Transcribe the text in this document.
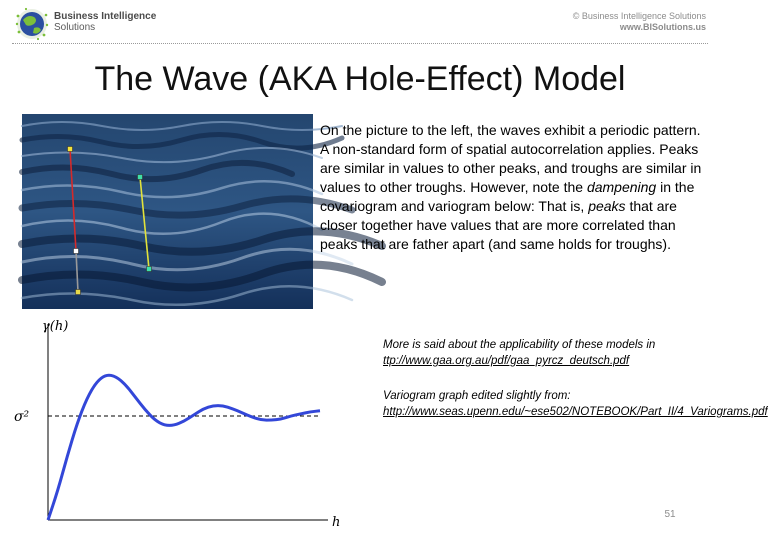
Business Intelligence
Solutions
© Business Intelligence Solutions
www.BISolutions.us
The Wave (AKA Hole-Effect) Model
On the picture to the left, the waves exhibit a periodic pattern. A non-standard form of spatial autocorrelation applies. Peaks are similar in values to other peaks, and troughs are similar in values to other troughs. However, note the dampening in the covariogram and variogram below: That is, peaks that are closer together have values that are more correlated than peaks that are father apart (and same holds for troughs).
More is said about the applicability of these models in ttp://www.gaa.org.au/pdf/gaa_pyrcz_deutsch.pdf
Variogram graph edited slightly from: http://www.seas.upenn.edu/~ese502/NOTEBOOK/Part_II/4_Variograms.pdf
γ(h)
σ²
h
51
